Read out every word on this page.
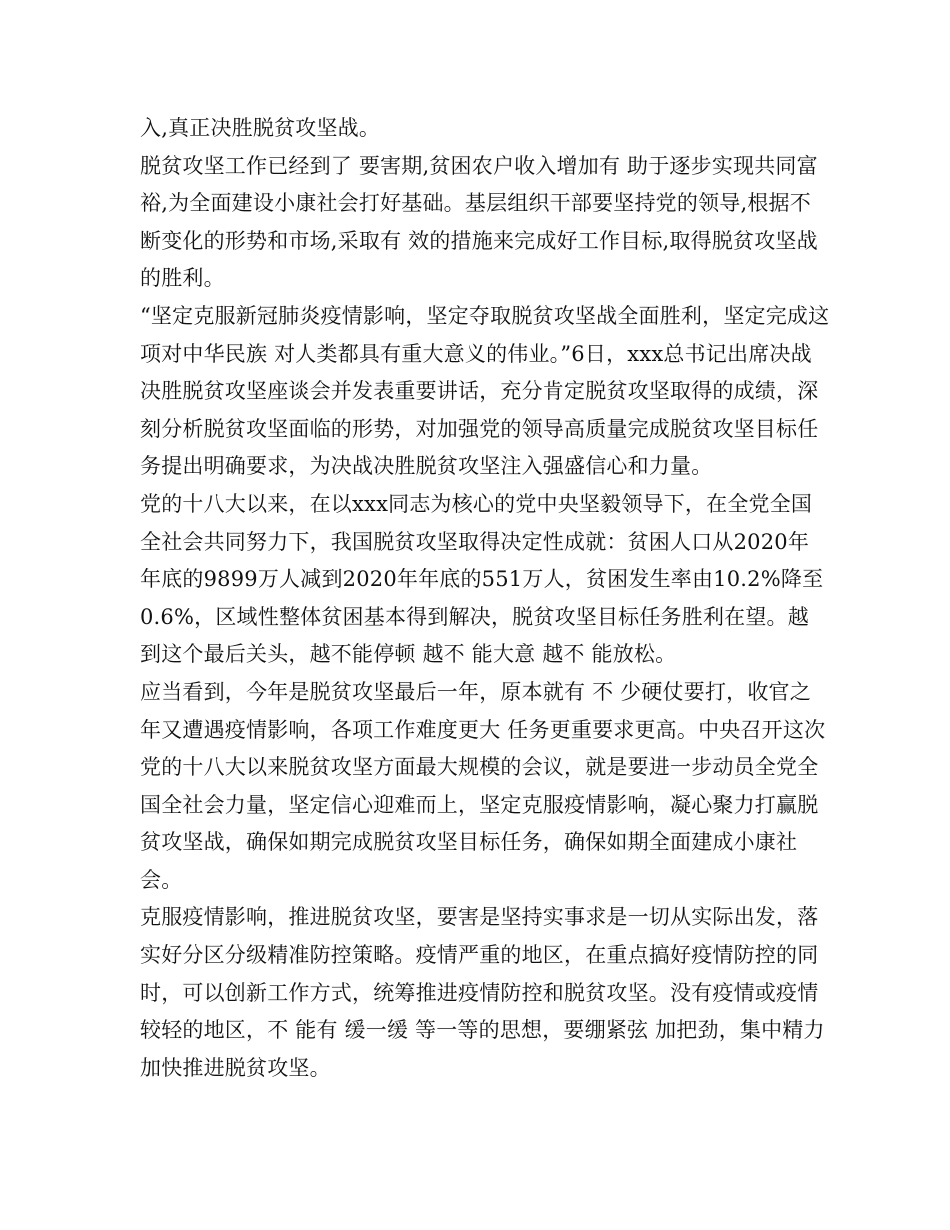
入,真正决胜脱贫攻坚战。

脱贫攻坚工作已经到了 要害期,贫困农户收入增加有 助于逐步实现共同富裕,为全面建设小康社会打好基础。基层组织干部要坚持党的领导,根据不断变化的形势和市场,采取有 效的措施来完成好工作目标,取得脱贫攻坚战的胜利。

“坚定克服新冠肺炎疫情影响，坚定夺取脱贫攻坚战全面胜利，坚定完成这项对中华民族 对人类都具有重大意义的伟业。”6日，xxx总书记出席决战决胜脱贫攻坚座谈会并发表重要讲话，充分肯定脱贫攻坚取得的成绩，深刻分析脱贫攻坚面临的形势，对加强党的领导高质量完成脱贫攻坚目标任务提出明确要求，为决战决胜脱贫攻坚注入强盛信心和力量。

党的十八大以来，在以xxx同志为核心的党中央坚毅领导下，在全党全国全社会共同努力下，我国脱贫攻坚取得决定性成就：贫困人口从2020年年底的9899万人减到2020年年底的551万人，贫困发生率由10.2%降至0.6%，区域性整体贫困基本得到解决，脱贫攻坚目标任务胜利在望。越到这个最后关头，越不能停顿 越不 能大意 越不 能放松。

应当看到，今年是脱贫攻坚最后一年，原本就有 不 少硬仗要打，收官之年又遭遇疫情影响，各项工作难度更大 任务更重要求更高。中央召开这次党的十八大以来脱贫攻坚方面最大规模的会议，就是要进一步动员全党全国全社会力量，坚定信心迎难而上，坚定克服疫情影响，凝心聚力打赢脱贫攻坚战，确保如期完成脱贫攻坚目标任务，确保如期全面建成小康社会。

克服疫情影响，推进脱贫攻坚，要害是坚持实事求是一切从实际出发，落实好分区分级精准防控策略。疫情严重的地区，在重点搞好疫情防控的同时，可以创新工作方式，统筹推进疫情防控和脱贫攻坚。没有疫情或疫情较轻的地区，不 能有 缓一缓 等一等的思想，要绷紧弦 加把劲，集中精力加快推进脱贫攻坚。
